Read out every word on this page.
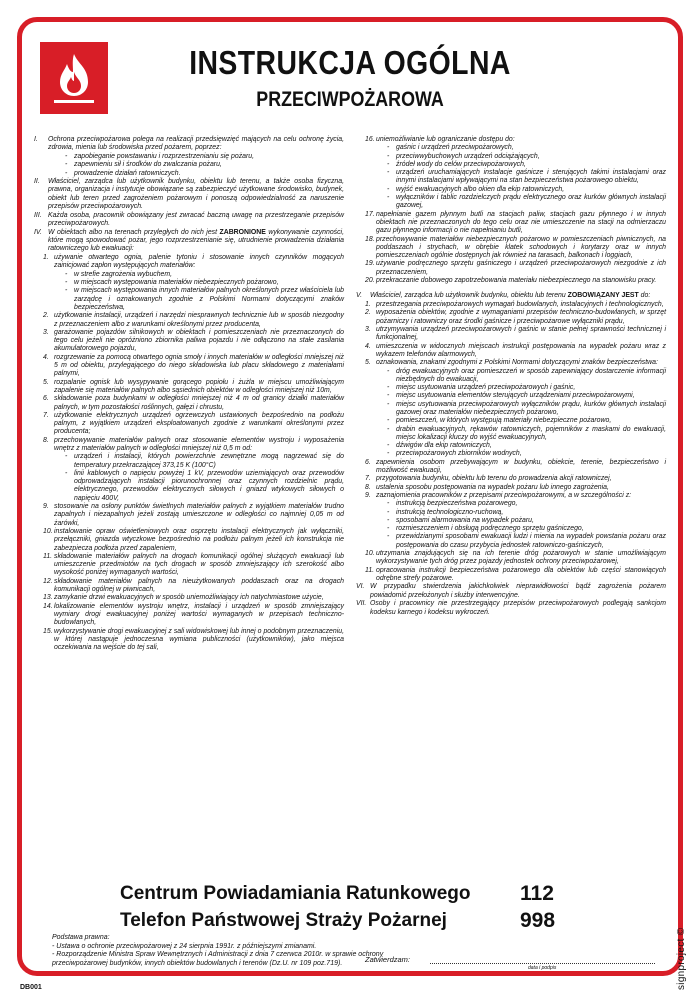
INSTRUKCJA OGÓLNA
PRZECIWPOŻAROWA
I.	Ochrona przeciwpożarowa polega na realizacji przedsięwzięć mających na celu ochronę życia, zdrowia, mienia lub środowiska przed pożarem, poprzez:
- zapobieganie powstawaniu i rozprzestrzenianiu się pożaru,
- zapewnieniu sił i środków do zwalczania pożaru,
- prowadzenie działań ratowniczych.
II.	Właściciel, zarządca lub użytkownik budynku, obiektu lub terenu, a także osoba fizyczna, prawna, organizacja i instytucje obowiązane są zabezpieczyć użytkowane środowisko, budynek, obiekt lub teren przed zagrożeniem pożarowym i ponoszą odpowiedzialność za naruszenie przepisów przeciwpożarowych.
III. Każda osoba, pracownik obowiązany jest zwracać baczną uwagę na przestrzeganie przepisów przeciwpożarowych.
IV. W obiektach albo na terenach przyległych do nich jest ZABRONIONE wykonywanie czynności, które mogą spowodować pożar, jego rozprzestrzenianie się, utrudnienie prowadzenia działania ratowniczego lub ewakuacji:
1. używanie otwartego ognia, palenie tytoniu i stosowanie innych czynników mogących zainicjować zapłon występujących materiałów:
- w strefie zagrożenia wybuchem,
- w miejscach występowania materiałów niebezpiecznych pożarowo,
- w miejscach występowania innych materiałów palnych określonych przez właściciela lub zarządcę i oznakowanych zgodnie z Polskimi Normami dotyczącymi znaków bezpieczeństwa,
2. użytkowanie instalacji, urządzeń i narzędzi niesprawnych technicznie lub w sposób niezgodny z przeznaczeniem albo z warunkami określonymi przez producenta,
3. garażowanie pojazdów silnikowych w obiektach i pomieszczeniach nie przeznaczonych do tego celu jeżeli nie opróżniono zbiornika paliwa pojazdu i nie odłączono na stałe zasilania akumulatorowego pojazdu,
4. rozgrzewanie za pomocą otwartego ognia smoły i innych materiałów w odległości mniejszej niż 5 m od obiektu, przylegającego do niego składowiska lub placu składowego z materiałami palnymi,
5. rozpalanie ognisk lub wysypywanie gorącego popiołu i żużla w miejscu umożliwiającym zapalenie się materiałów palnych albo sąsiednich obiektów w odległości mniejszej niż 10m,
6. składowanie poza budynkami w odległości mniejszej niż 4 m od granicy działki materiałów palnych, w tym pozostałości roślinnych, gałęzi i chrustu,
7. użytkowanie elektrycznych urządzeń ogrzewczych ustawionych bezpośrednio na podłożu palnym, z wyjątkiem urządzeń eksploatowanych zgodnie z warunkami określonymi przez producenta;
8. przechowywanie materiałów palnych oraz stosowanie elementów wystroju i wyposażenia wnętrz z materiałów palnych w odległości mniejszej niż 0,5 m od:
- urządzeń i instalacji, których powierzchnie zewnętrzne mogą nagrzewać się do temperatury przekraczającej 373,15 K (100°C)
- linii kablowych o napięciu powyżej 1 kV, przewodów uziemiających oraz przewodów odprowadzających instalacji piorunochronnej oraz czynnych rozdzielnic prądu, elektrycznego, przewodów elektrycznych siłowych i gniazd wtykowych siłowych o napięciu 400V,
9. stosowanie na osłony punktów świetlnych materiałów palnych z wyjątkiem materiałów trudno zapalnych i niezapalnych jeżeli zostają umieszczone w odległości co najmniej 0,05 m od żarówki,
10. instalowanie opraw oświetleniowych oraz osprzętu instalacji elektrycznych jak wyłączniki, przełączniki, gniazda wtyczkowe bezpośrednio na podłożu palnym jeżeli ich konstrukcja nie zabezpiecza podłoża przed zapaleniem,
11. składowanie materiałów palnych na drogach komunikacji ogólnej służących ewakuacji lub umieszczenie przedmiotów na tych drogach w sposób zmniejszający ich szerokość albo wysokość poniżej wymaganych wartości,
12. składowanie materiałów palnych na nieużytkowanych poddaszach oraz na drogach komunikacji ogólnej w piwnicach,
13. zamykanie drzwi ewakuacyjnych w sposób uniemożliwiający ich natychmiastowe użycie,
14. lokalizowanie elementów wystroju wnętrz, instalacji i urządzeń w sposób zmniejszający wymiary drogi ewakuacyjnej poniżej wartości wymaganych w przepisach techniczno-budowlanych,
15. wykorzystywanie drogi ewakuacyjnej z sali widowiskowej lub innej o podobnym przeznaczeniu, w której nastąpuje jednoczesna wymiana publiczności (użytkowników), jako miejsca oczekiwania na wejście do tej sali,
16. uniemożliwianie lub ograniczanie dostępu do:
- gaśnic i urządzeń przeciwpożarowych,
- przeciwwybuchowych urządzeń odciążających,
- źródeł wody do celów przeciwpożarowych,
- urządzeń uruchamiających instalacje gaśnicze i sterujących takimi instalacjami oraz innymi instalacjami wpływającymi na stan bezpieczeństwa pożarowego obiektu,
- wyjść ewakuacyjnych albo okien dla ekip ratowniczych,
- wyłączników i tablic rozdzielczych prądu elektrycznego oraz kurków głównych instalacji gazowej,
17. napełnianie gazem płynnym butli na stacjach paliw, stacjach gazu płynnego i w innych obiektach nie przeznaczonych do tego celu oraz nie umieszczenie na stacji na odmierzaczu gazu płynnego informacji o nie napełnianiu butli,
18. przechowywanie materiałów niebezpiecznych pożarowo w pomieszczeniach piwnicznych, na poddaszach i strychach, w obrębie klatek schodowych i korytarzy oraz w innych pomieszczeniach ogólnie dostępnych jak również na tarasach, balkonach i loggiach,
19. używanie podręcznego sprzętu gaśniczego i urządzeń przeciwpożarowych niezgodnie z ich przeznaczeniem,
20. przekraczanie dobowego zapotrzebowania materiału niebezpiecznego na stanowisku pracy.
V.	Właściciel, zarządca lub użytkownik budynku, obiektu lub terenu ZOBOWIĄZANY JEST do:
1. przestrzegania przeciwpożarowych wymagań budowlanych, instalacyjnych i technologicznych,
2. wyposażenia obiektów, zgodnie z wymaganiami przepisów techniczno-budowlanych, w sprzęt pożarniczy i ratowniczy oraz środki gaśnicze i przeciwpożarowe wyłączniki prądu,
3. utrzymywania urządzeń przeciwpożarowych i gaśnic w stanie pełnej sprawności technicznej i funkcjonalnej,
4. umieszczenia w widocznych miejscach instrukcji postępowania na wypadek pożaru wraz z wykazem telefonów alarmowych,
5. oznakowania, znakami zgodnymi z Polskimi Normami dotyczącymi znaków bezpieczeństwa:
- dróg ewakuacyjnych oraz pomieszczeń w sposób zapewniający dostarczenie informacji niezbędnych do ewakuacji,
- miejsc usytuowania urządzeń przeciwpożarowych i gaśnic,
- miejsc usytuowania elementów sterujących urządzeniami przeciwpożarowymi,
- miejsc usytuowania przeciwpożarowych wyłączników prądu, kurków głównych instalacji gazowej oraz materiałów niebezpiecznych pożarowo,
- pomieszczeń, w których występują materiały niebezpieczne pożarowo,
- drabin ewakuacyjnych, rękawów ratowniczych, pojemników z maskami do ewakuacji, miejsc lokalizacji kluczy do wyjść ewakuacyjnych,
- dźwigów dla ekip ratowniczych,
- przeciwpożarowych zbiorników wodnych,
6. zapewnienia osobom przebywającym w budynku, obiekcie, terenie, bezpieczeństwo i możliwość ewakuacji,
7. przygotowania budynku, obiektu lub terenu do prowadzenia akcji ratowniczej,
8. ustalenia sposobu postępowania na wypadek pożaru lub innego zagrożenia,
9. zaznajomienia pracowników z przepisami przeciwpożarowymi, a w szczególności z:
- instrukcją bezpieczeństwa pożarowego,
- instrukcją technologiczno-ruchową,
- sposobami alarmowania na wypadek pożaru,
- rozmieszczeniem i obsługą podręcznego sprzętu gaśniczego,
- przewidzianymi sposobami ewakuacji ludzi i mienia na wypadek powstania pożaru oraz postępowania do czasu przybycia jednostek ratowniczo-gaśniczych,
10. utrzymania znajdujących się na ich terenie dróg pożarowych w stanie umożliwiającym wykorzystywanie tych dróg przez pojazdy jednostek ochrony przeciwpożarowej,
11. opracowania instrukcji bezpieczeństwa pożarowego dla obiektów lub części stanowiących odrębne strefy pożarowe.
VI. W przypadku stwierdzenia jakichkolwiek nieprawidłowości bądź zagrożenia pożarem powiadomić przełożonych i służby interwencyjne.
VII. Osoby i pracownicy nie przestrzegający przepisów przeciwpożarowych podlegają sankcjom kodeksu karnego i kodeksu wykroczeń.
Centrum Powiadamiania Ratunkowego	112
Telefon Państwowej Straży Pożarnej	998
Podstawa prawna:
- Ustawa o ochronie przeciwpożarowej z 24 sierpnia 1991r. z późniejszymi zmianami.
- Rozporządzenie Ministra Spraw Wewnętrznych i Administracji z dnia 7 czerwca 2010r. w sprawie ochrony przeciwpożarowej budynków, innych obiektów budowlanych i terenów (Dz.U. nr 109 poz.719).	signproject ©
Zatwierdzam:
data i podpis
DB001
